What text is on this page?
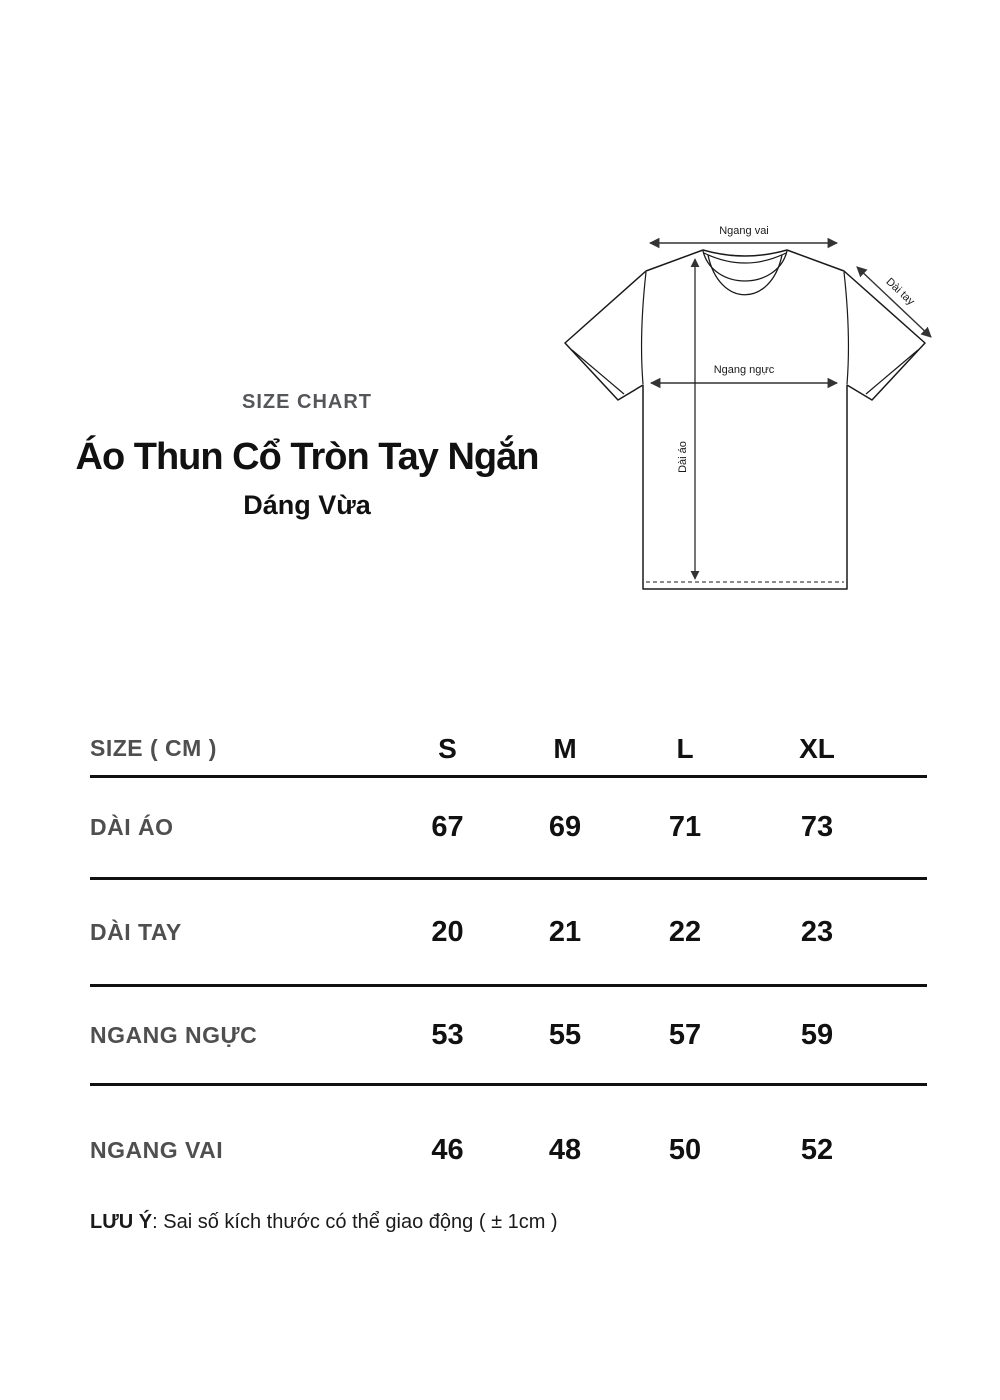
SIZE CHART
Áo Thun Cổ Tròn Tay Ngắn
Dáng Vừa
Ngang vai
Ngang ngực
Dài tay
Dài áo
SIZE ( CM )	S	M	L	XL
DÀI ÁO	67	69	71	73
DÀI TAY	20	21	22	23
NGANG NGỰC	53	55	57	59
NGANG VAI	46	48	50	52

LƯU Ý: Sai số kích thước có thể giao động ( ± 1cm )
